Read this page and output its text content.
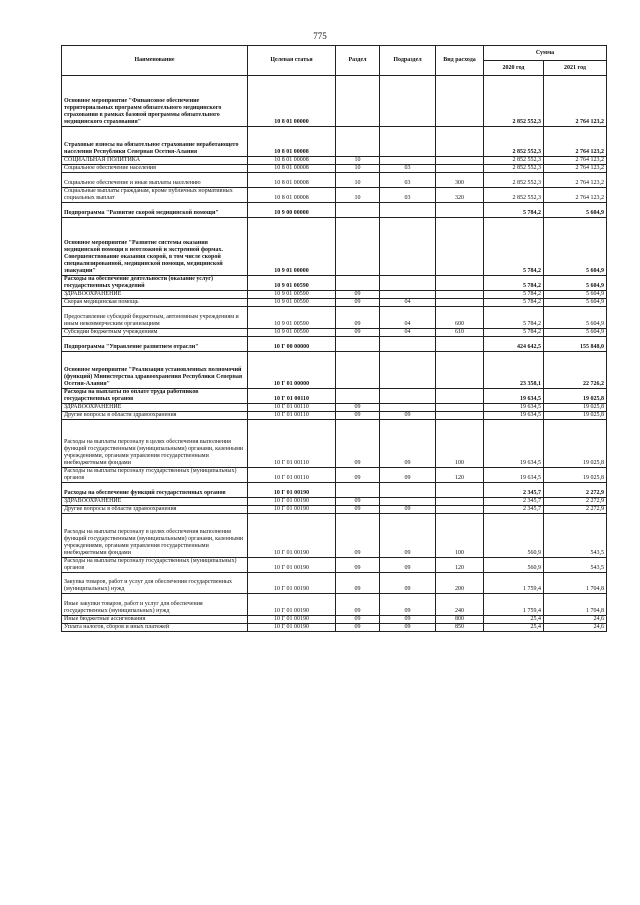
775
Наименование	Целевая статья	Раздел	Подраздел	Вид расхода	Сумма	
					2020 год	2021 год
Основное мероприятие "Финансовое обеспечение территориальных программ обязательного медицинского страхования в рамках базовой программы обязательного медицинского страхования"	10 8 01 00000				2 852 552,3	2 764 123,2
Страховые взносы на обязательное страхование неработающего населения Республики Северная Осетия-Алания	10 8 01 00008				2 852 552,3	2 764 123,2
СОЦИАЛЬНАЯ ПОЛИТИКА	10 8 01 00008	10			2 852 552,3	2 764 123,2
Социальное обеспечение населения	10 8 01 00008	10	03		2 852 552,3	2 764 123,2
Социальное обеспечение и иные выплаты населению	10 8 01 00008	10	03	300	2 852 552,3	2 764 123,2
Социальные выплаты гражданам, кроме публичных нормативных социальных выплат	10 8 01 00008	10	03	320	2 852 552,3	2 764 123,2
Подпрограмма "Развитие скорой медицинской помощи"	10 9 00 00000				5 784,2	5 604,9
Основное мероприятие "Развитие системы оказания медицинской помощи в неотложной и экстренной формах. Совершенствование оказания скорой, в том числе скорой специализированной, медицинской помощи, медицинской эвакуации"	10 9 01 00000				5 784,2	5 604,9
Расходы на обеспечение деятельности (оказание услуг) государственных учреждений	10 9 01 00590				5 784,2	5 604,9
ЗДРАВООХРАНЕНИЕ	10 9 01 00590	09			5 784,2	5 604,9
Скорая медицинская помощь	10 9 01 00590	09	04		5 784,2	5 604,9
Предоставление субсидий бюджетным, автономным учреждениям и иным некоммерческим организациям	10 9 01 00590	09	04	600	5 784,2	5 604,9
Субсидии бюджетным учреждениям	10 9 01 00590	09	04	610	5 784,2	5 604,9
Подпрограмма "Управление развитием отрасли"	10 Г 00 00000				424 642,5	155 848,0
Основное мероприятие "Реализация установленных полномочий (функций) Министерства здравоохранения Республики Северная Осетия-Алания"	10 Г 01 00000				23 358,1	22 726,2
Расходы на выплаты по оплате труда работников государственных органов	10 Г 01 00110				19 634,5	19 025,8
ЗДРАВООХРАНЕНИЕ	10 Г 01 00110	09			19 634,5	19 025,8
Другие вопросы в области здравоохранения	10 Г 01 00110	09	09		19 634,5	19 025,8
Расходы на выплаты персоналу в целях обеспечения выполнения функций государственными (муниципальными) органами, казенными учреждениями, органами управления государственными внебюджетными фондами	10 Г 01 00110	09	09	100	19 634,5	19 025,8
Расходы на выплаты персоналу государственных (муниципальных) органов	10 Г 01 00110	09	09	120	19 634,5	19 025,8
Расходы на обеспечение функций государственных органов	10 Г 01 00190				2 345,7	2 272,9
ЗДРАВООХРАНЕНИЕ	10 Г 01 00190	09			2 345,7	2 272,9
Другие вопросы в области здравоохранения	10 Г 01 00190	09	09		2 345,7	2 272,9
Расходы на выплаты персоналу в целях обеспечения выполнения функций государственными (муниципальными) органами, казенными учреждениями, органами управления государственными внебюджетными фондами	10 Г 01 00190	09	09	100	560,9	543,5
Расходы на выплаты персоналу государственных (муниципальных) органов	10 Г 01 00190	09	09	120	560,9	543,5
Закупка товаров, работ и услуг для обеспечения государственных (муниципальных) нужд	10 Г 01 00190	09	09	200	1 759,4	1 704,8
Иные закупки товаров, работ и услуг для обеспечения государственных (муниципальных) нужд	10 Г 01 00190	09	09	240	1 759,4	1 704,8
Иные бюджетные ассигнования	10 Г 01 00190	09	09	800	25,4	24,6
Уплата налогов, сборов и иных платежей	10 Г 01 00190	09	09	850	25,4	24,6
